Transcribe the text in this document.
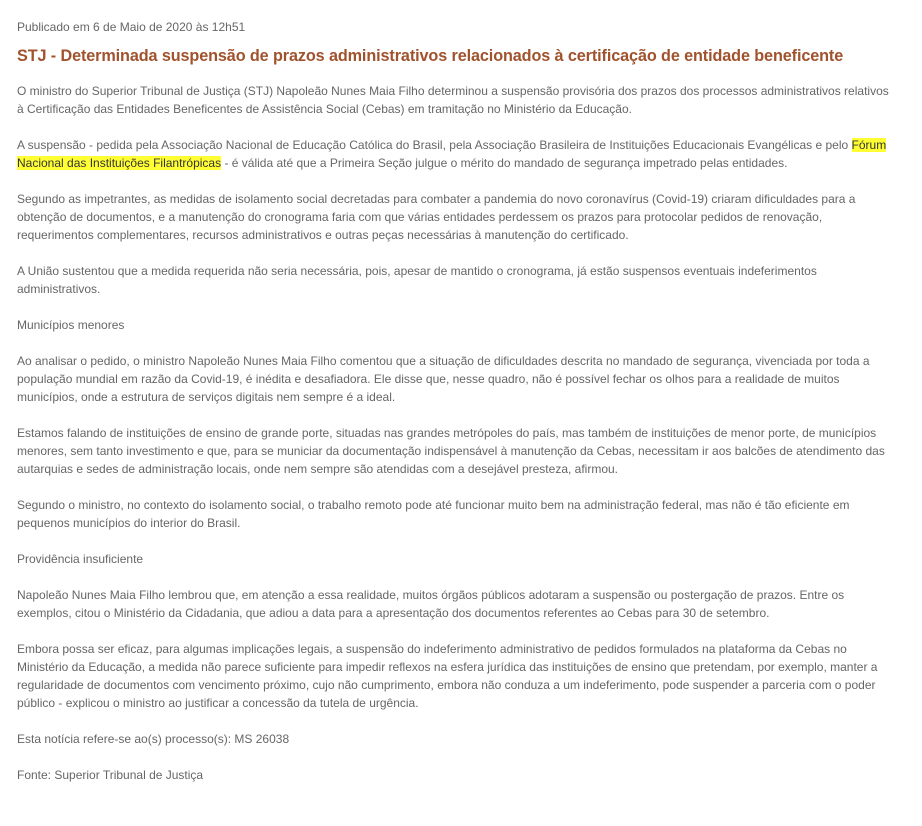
Publicado em 6 de Maio de 2020 às 12h51

STJ - Determinada suspensão de prazos administrativos relacionados à certificação de entidade beneficente

O ministro do Superior Tribunal de Justiça (STJ) Napoleão Nunes Maia Filho determinou a suspensão provisória dos prazos dos processos administrativos relativos à Certificação das Entidades Beneficentes de Assistência Social (Cebas) em tramitação no Ministério da Educação.

A suspensão - pedida pela Associação Nacional de Educação Católica do Brasil, pela Associação Brasileira de Instituições Educacionais Evangélicas e pelo Fórum Nacional das Instituições Filantrópicas - é válida até que a Primeira Seção julgue o mérito do mandado de segurança impetrado pelas entidades.

Segundo as impetrantes, as medidas de isolamento social decretadas para combater a pandemia do novo coronavírus (Covid-19) criaram dificuldades para a obtenção de documentos, e a manutenção do cronograma faria com que várias entidades perdessem os prazos para protocolar pedidos de renovação, requerimentos complementares, recursos administrativos e outras peças necessárias à manutenção do certificado.

A União sustentou que a medida requerida não seria necessária, pois, apesar de mantido o cronograma, já estão suspensos eventuais indeferimentos administrativos.

Municípios menores

Ao analisar o pedido, o ministro Napoleão Nunes Maia Filho comentou que a situação de dificuldades descrita no mandado de segurança, vivenciada por toda a população mundial em razão da Covid-19, é inédita e desafiadora. Ele disse que, nesse quadro, não é possível fechar os olhos para a realidade de muitos municípios, onde a estrutura de serviços digitais nem sempre é a ideal.

Estamos falando de instituições de ensino de grande porte, situadas nas grandes metrópoles do país, mas também de instituições de menor porte, de municípios menores, sem tanto investimento e que, para se municiar da documentação indispensável à manutenção da Cebas, necessitam ir aos balcões de atendimento das autarquias e sedes de administração locais, onde nem sempre são atendidas com a desejável presteza, afirmou.

Segundo o ministro, no contexto do isolamento social, o trabalho remoto pode até funcionar muito bem na administração federal, mas não é tão eficiente em pequenos municípios do interior do Brasil.

Providência insuficiente

Napoleão Nunes Maia Filho lembrou que, em atenção a essa realidade, muitos órgãos públicos adotaram a suspensão ou postergação de prazos. Entre os exemplos, citou o Ministério da Cidadania, que adiou a data para a apresentação dos documentos referentes ao Cebas para 30 de setembro.

Embora possa ser eficaz, para algumas implicações legais, a suspensão do indeferimento administrativo de pedidos formulados na plataforma da Cebas no Ministério da Educação, a medida não parece suficiente para impedir reflexos na esfera jurídica das instituições de ensino que pretendam, por exemplo, manter a regularidade de documentos com vencimento próximo, cujo não cumprimento, embora não conduza a um indeferimento, pode suspender a parceria com o poder público - explicou o ministro ao justificar a concessão da tutela de urgência.

Esta notícia refere-se ao(s) processo(s): MS 26038

Fonte: Superior Tribunal de Justiça
